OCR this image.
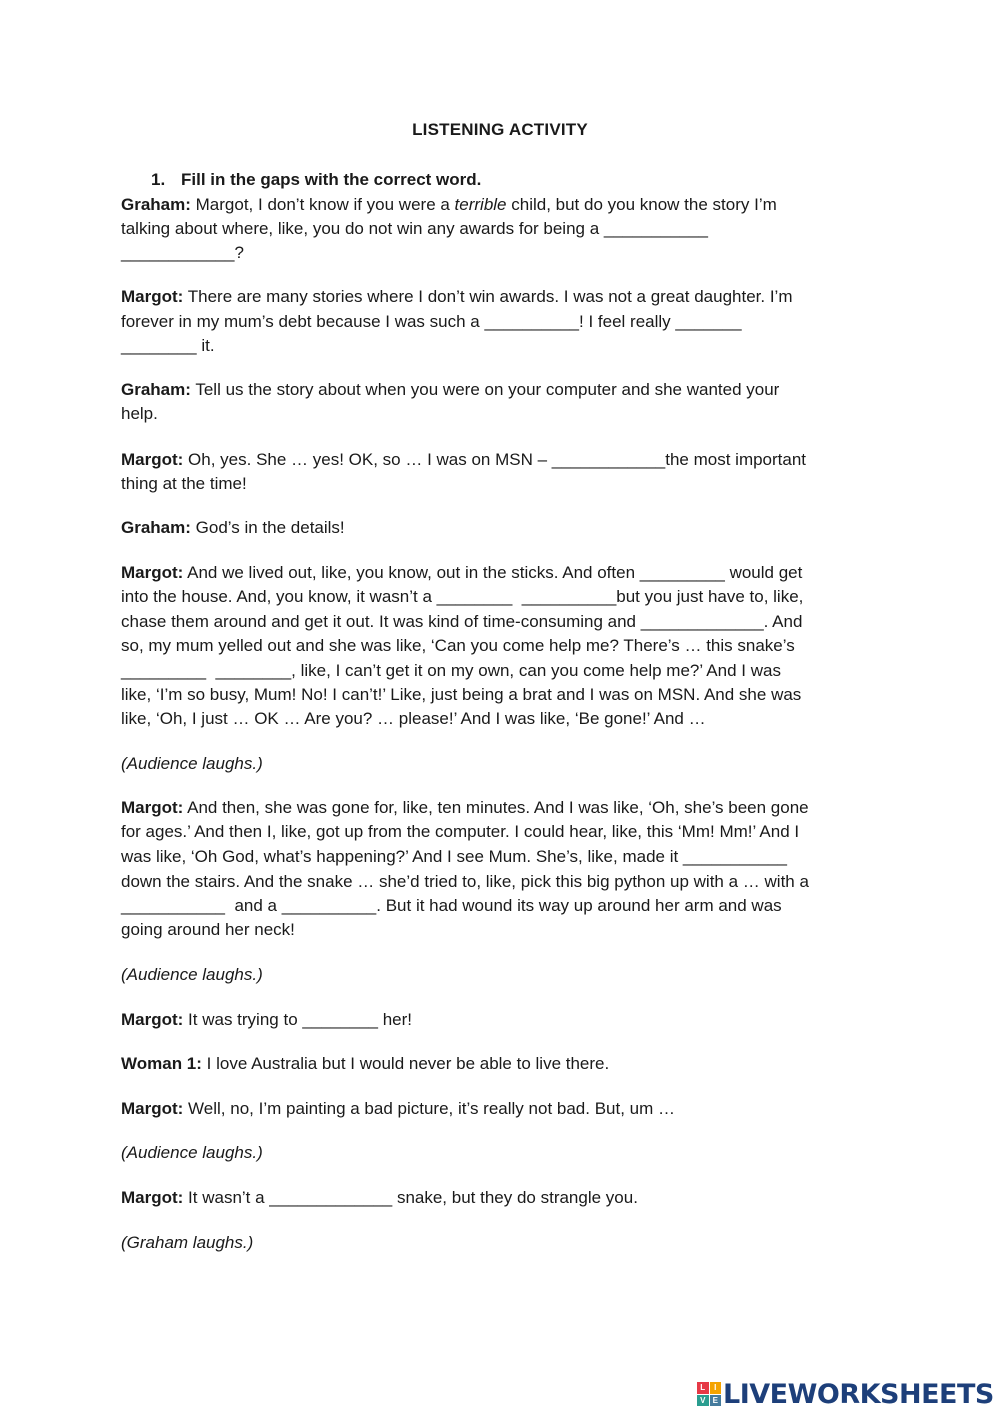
LISTENING ACTIVITY
1. Fill in the gaps with the correct word.
Graham: Margot, I don’t know if you were a terrible child, but do you know the story I’m
talking about where, like, you do not win any awards for being a ___________
____________?
Margot: There are many stories where I don’t win awards. I was not a great daughter. I’m
forever in my mum’s debt because I was such a __________! I feel really _______
________ it.
Graham: Tell us the story about when you were on your computer and she wanted your
help.
Margot: Oh, yes. She … yes! OK, so … I was on MSN – ____________the most important
thing at the time!
Graham: God’s in the details!
Margot: And we lived out, like, you know, out in the sticks. And often _________ would get
into the house. And, you know, it wasn’t a ________  __________but you just have to, like,
chase them around and get it out. It was kind of time-consuming and _____________. And
so, my mum yelled out and she was like, ‘Can you come help me? There’s … this snake’s
_________  ________, like, I can’t get it on my own, can you come help me?’ And I was
like, ‘I’m so busy, Mum! No! I can’t!’ Like, just being a brat and I was on MSN. And she was
like, ‘Oh, I just … OK … Are you? … please!’ And I was like, ‘Be gone!’ And …
(Audience laughs.)
Margot: And then, she was gone for, like, ten minutes. And I was like, ‘Oh, she’s been gone
for ages.’ And then I, like, got up from the computer. I could hear, like, this ‘Mm! Mm!’ And I
was like, ‘Oh God, what’s happening?’ And I see Mum. She’s, like, made it ___________
down the stairs. And the snake … she’d tried to, like, pick this big python up with a … with a
___________  and a __________. But it had wound its way up around her arm and was
going around her neck!
(Audience laughs.)
Margot: It was trying to ________ her!
Woman 1: I love Australia but I would never be able to live there.
Margot: Well, no, I’m painting a bad picture, it’s really not bad. But, um …
(Audience laughs.)
Margot: It wasn’t a _____________ snake, but they do strangle you.
(Graham laughs.)
L	I
V E LIVEWORKSHEETS
